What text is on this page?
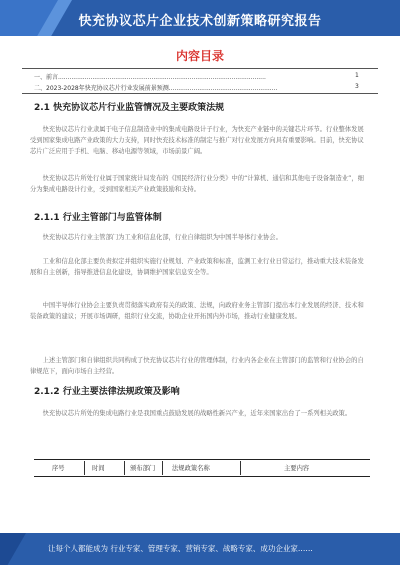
快充协议芯片企业技术创新策略研究报告
内容目录
一、前言.............................................................................................................	1
二、2023-2028年快充协议芯片行业发展前景预测.........................................................	3
2.1 快充协议芯片行业监管情况及主要政策法规

快充协议芯片行业隶属于电子信息制造业中的集成电路设计子行业，为快充产业链中的关键芯片环节。行业整体发展受到国家集成电路产业政策的大力支持，同时快充技术标准的制定与推广对行业发展方向具有重要影响。目前，快充协议芯片广泛应用于手机、电脑、移动电源等领域，市场前景广阔。

快充协议芯片所处行业属于国家统计局发布的《国民经济行业分类》中的“计算机、通信和其他电子设备制造业”，细分为集成电路设计行业，受到国家相关产业政策鼓励和支持。

2.1.1 行业主管部门与监管体制

快充协议芯片行业主管部门为工业和信息化部，行业自律组织为中国半导体行业协会。

工业和信息化部主要负责拟定并组织实施行业规划、产业政策和标准，监测工业行业日常运行，推动重大技术装备发展和自主创新，指导推进信息化建设，协调维护国家信息安全等。

中国半导体行业协会主要负责贯彻落实政府有关的政策、法规，向政府业务主管部门提出本行业发展的经济、技术和装备政策的建议；开展市场调研，组织行业交流，协助企业开拓国内外市场，推动行业健康发展。

上述主管部门和自律组织共同构成了快充协议芯片行业的管理体制，行业内各企业在主管部门的监管和行业协会的自律规范下，面向市场自主经营。

2.1.2 行业主要法律法规政策及影响

快充协议芯片所处的集成电路行业是我国重点鼓励发展的战略性新兴产业，近年来国家出台了一系列相关政策。

序号	时间	颁布部门	法规政策名称	主要内容
让每个人都能成为 行业专家、管理专家、营销专家、战略专家、成功企业家……
